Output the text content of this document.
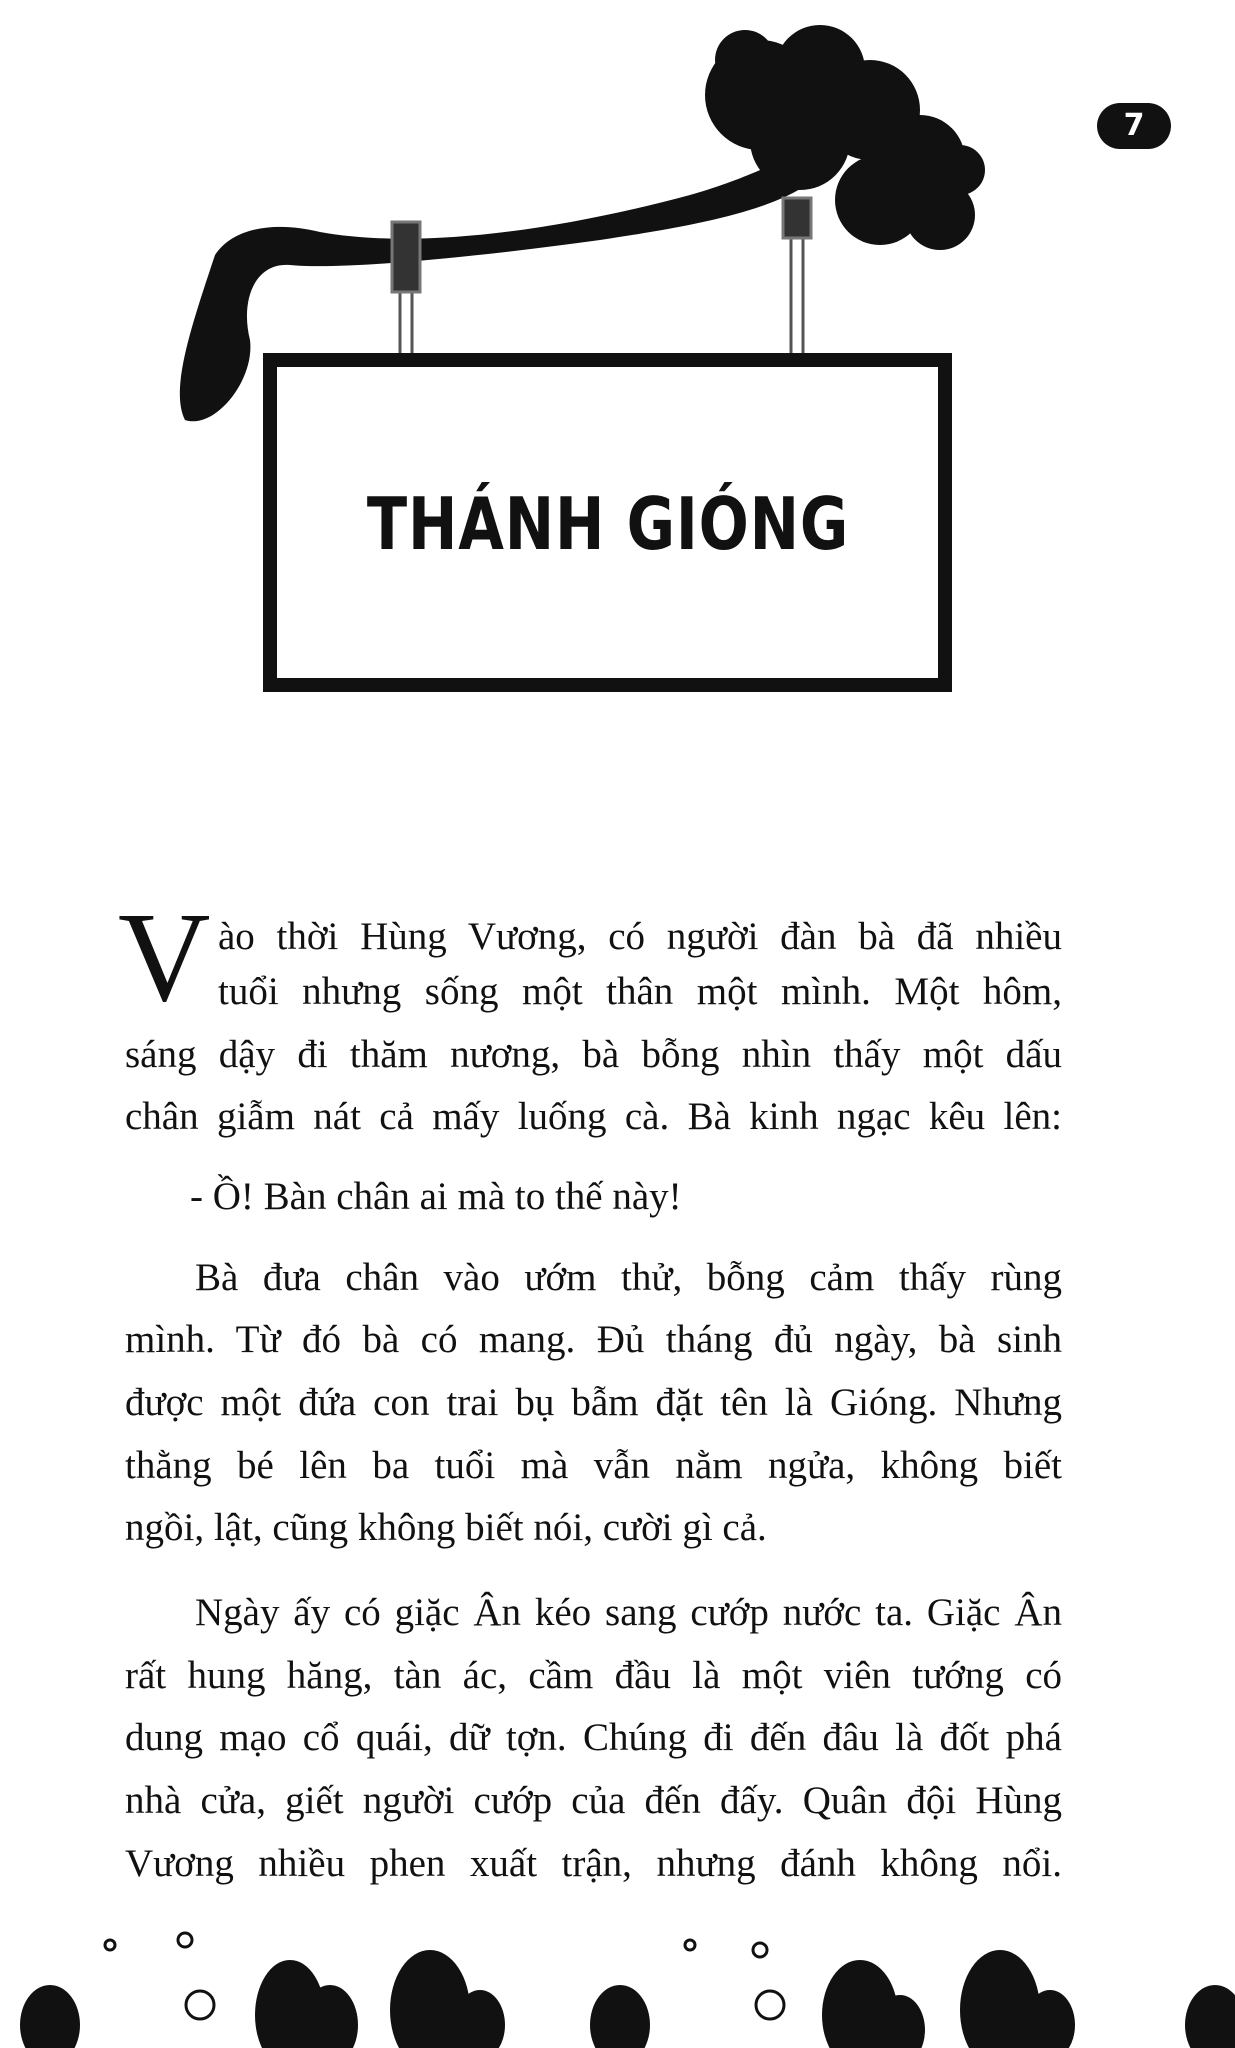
7
THÁNH GIÓNG
V ào thời Hùng Vương, có người đàn bà đã nhiều
tuổi nhưng sống một thân một mình. Một hôm,
sáng dậy đi thăm nương, bà bỗng nhìn thấy một dấu
chân giẫm nát cả mấy luống cà. Bà kinh ngạc kêu lên:
- Ồ! Bàn chân ai mà to thế này!
Bà đưa chân vào ướm thử, bỗng cảm thấy rùng
mình. Từ đó bà có mang. Đủ tháng đủ ngày, bà sinh
được một đứa con trai bụ bẫm đặt tên là Gióng. Nhưng
thằng bé lên ba tuổi mà vẫn nằm ngửa, không biết
ngồi, lật, cũng không biết nói, cười gì cả.
Ngày ấy có giặc Ân kéo sang cướp nước ta. Giặc Ân
rất hung hăng, tàn ác, cầm đầu là một viên tướng có
dung mạo cổ quái, dữ tợn. Chúng đi đến đâu là đốt phá
nhà cửa, giết người cướp của đến đấy. Quân đội Hùng
Vương nhiều phen xuất trận, nhưng đánh không nổi.
